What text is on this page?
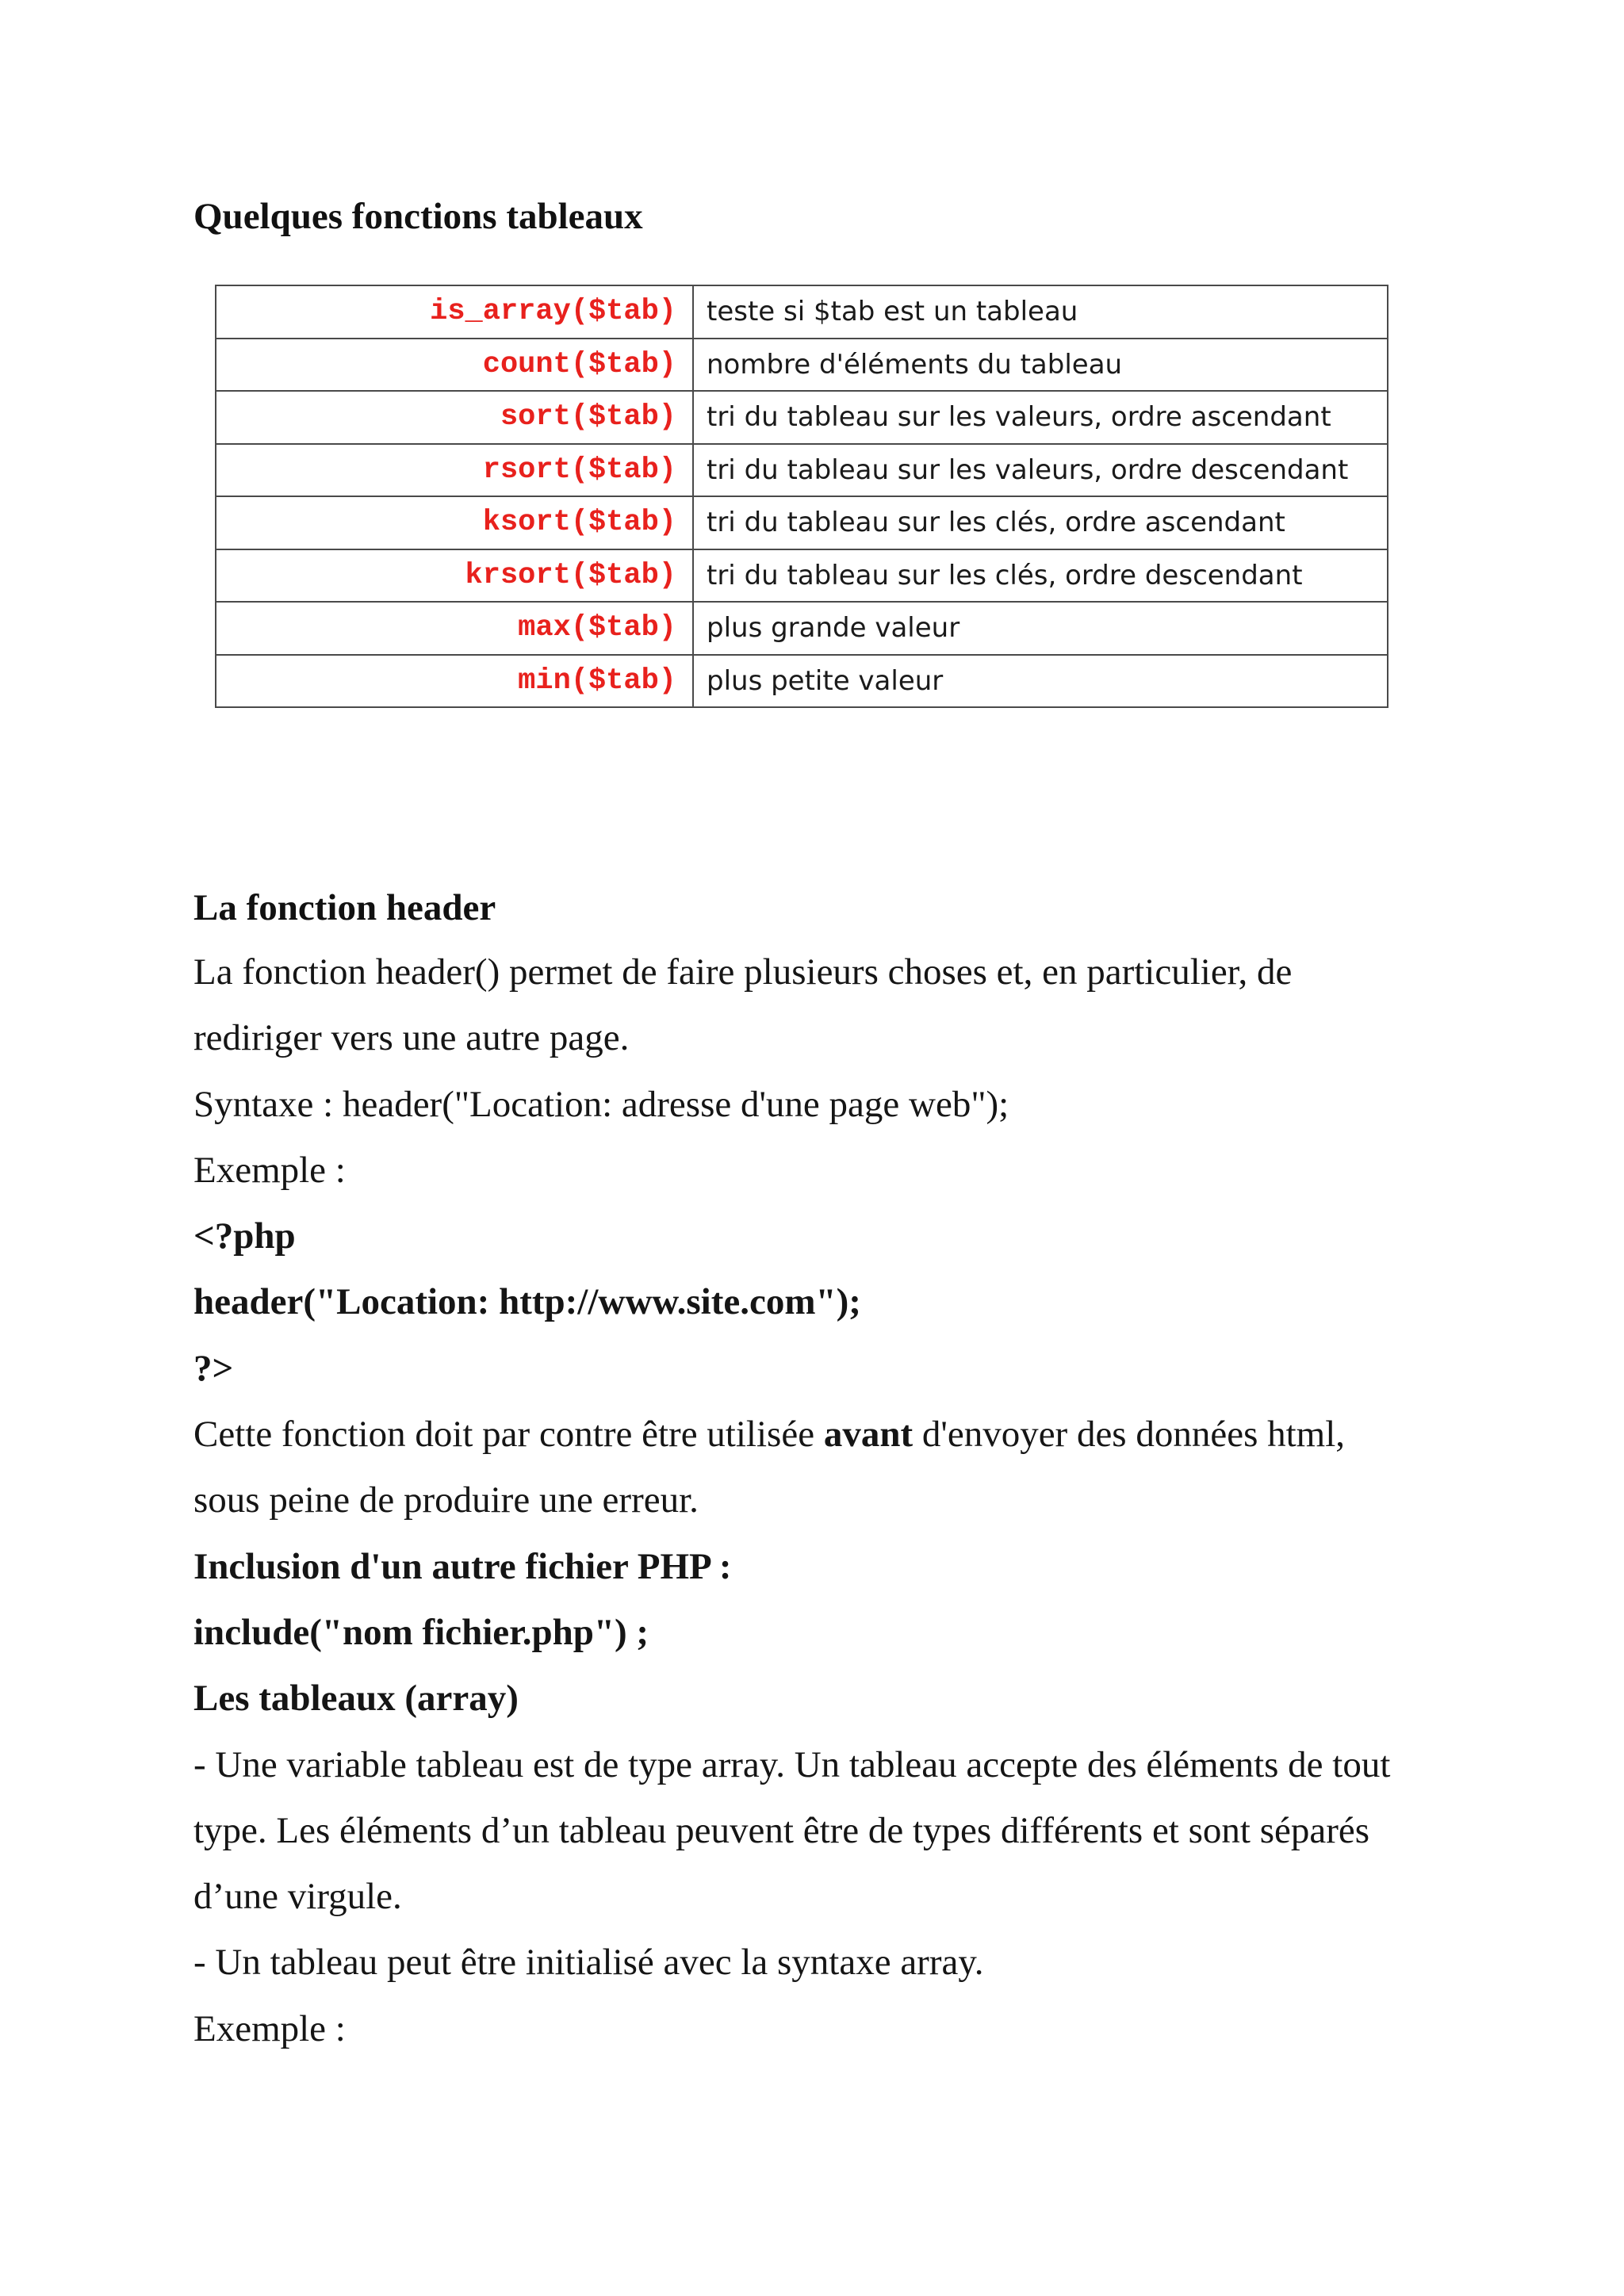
Quelques fonctions tableaux
is_array($tab)	teste si $tab est un tableau
count($tab)	nombre d'éléments du tableau
sort($tab)	tri du tableau sur les valeurs, ordre ascendant
rsort($tab)	tri du tableau sur les valeurs, ordre descendant
ksort($tab)	tri du tableau sur les clés, ordre ascendant
krsort($tab)	tri du tableau sur les clés, ordre descendant
max($tab)	plus grande valeur
min($tab)	plus petite valeur
La fonction header
La fonction header() permet de faire plusieurs choses et, en particulier, de
rediriger vers une autre page.
Syntaxe : header("Location: adresse d'une page web");
Exemple :
<?php
header("Location: http://www.site.com");
?>
Cette fonction doit par contre être utilisée avant d'envoyer des données html,
sous peine de produire une erreur.
Inclusion d'un autre fichier PHP :
include("nom fichier.php") ;
Les tableaux (array)
- Une variable tableau est de type array. Un tableau accepte des éléments de tout
type. Les éléments d’un tableau peuvent être de types différents et sont séparés
d’une virgule.
- Un tableau peut être initialisé avec la syntaxe array.
Exemple :
